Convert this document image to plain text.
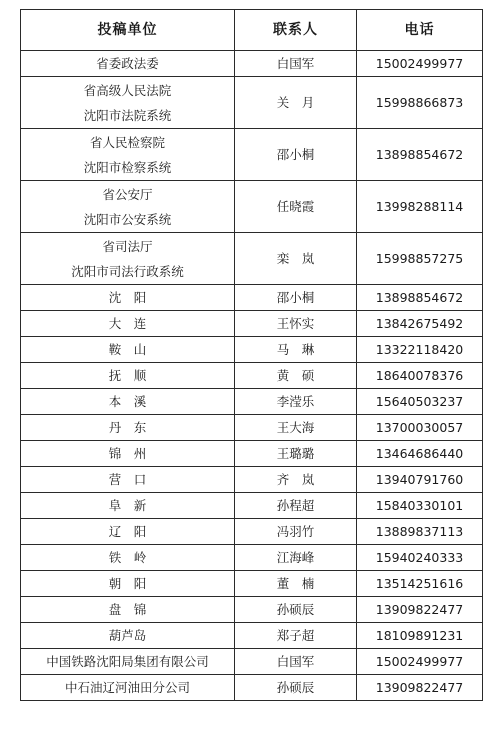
投稿单位	联系人	电话

省委政法委	白国军	15002499977

省高级人民法院
沈阳市法院系统	关　月	15998866873

省人民检察院
沈阳市检察系统	邵小桐	13898854672

省公安厅
沈阳市公安系统	任晓霞	13998288114

省司法厅
沈阳市司法行政系统	栾　岚	15998857275

沈　阳	邵小桐	13898854672

大　连	王怀实	13842675492

鞍　山	马　琳	13322118420

抚　顺	黄　硕	18640078376

本　溪	李滢乐	15640503237

丹　东	王大海	13700030057

锦　州	王璐璐	13464686440

营　口	齐　岚	13940791760

阜　新	孙程超	15840330101

辽　阳	冯羽竹	13889837113

铁　岭	江海峰	15940240333

朝　阳	董　楠	13514251616

盘　锦	孙硕辰	13909822477

葫芦岛	郑子超	18109891231

中国铁路沈阳局集团有限公司	白国军	15002499977

中石油辽河油田分公司	孙硕辰	13909822477
